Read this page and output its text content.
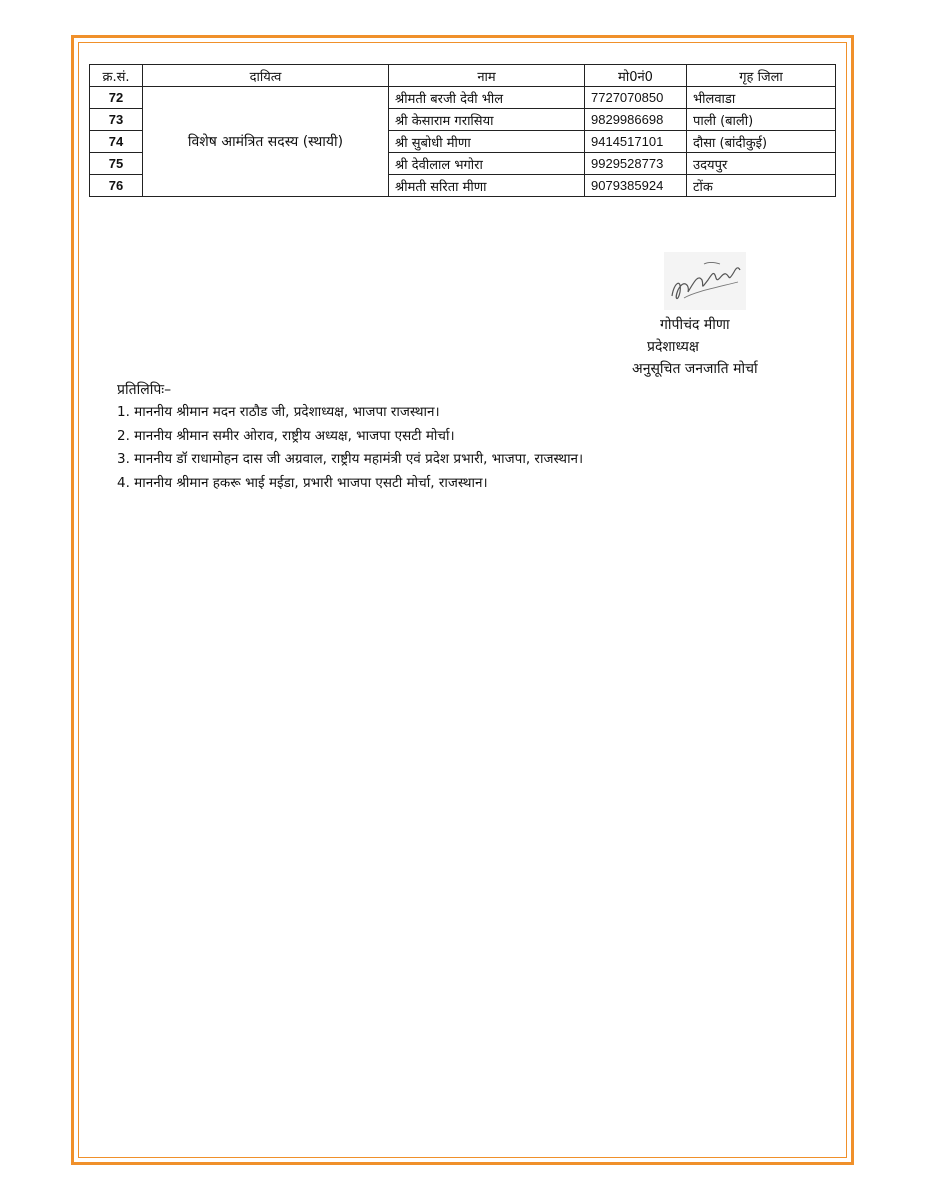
क्र.सं.	दायित्व	नाम	मो0नं0	गृह जिला
72	विशेष आमंत्रित सदस्य (स्थायी)	श्रीमती बरजी देवी भील	7727070850	भीलवाडा
73		श्री केसाराम गरासिया	9829986698	पाली (बाली)
74		श्री सुबोधी मीणा	9414517101	दौसा (बांदीकुई)
75		श्री देवीलाल भगोरा	9929528773	उदयपुर
76		श्रीमती सरिता मीणा	9079385924	टोंक
गोपीचंद मीणा
प्रदेशाध्यक्ष
अनुसूचित जनजाति मोर्चा
प्रतिलिपिः–
1. माननीय श्रीमान मदन राठौड जी, प्रदेशाध्यक्ष, भाजपा राजस्थान।
2. माननीय श्रीमान समीर ओराव, राष्ट्रीय अध्यक्ष, भाजपा एसटी मोर्चा।
3. माननीय डॉ राधामोहन दास जी अग्रवाल, राष्ट्रीय महामंत्री एवं प्रदेश प्रभारी, भाजपा, राजस्थान।
4. माननीय श्रीमान हकरू भाई मईडा, प्रभारी भाजपा एसटी मोर्चा, राजस्थान।
